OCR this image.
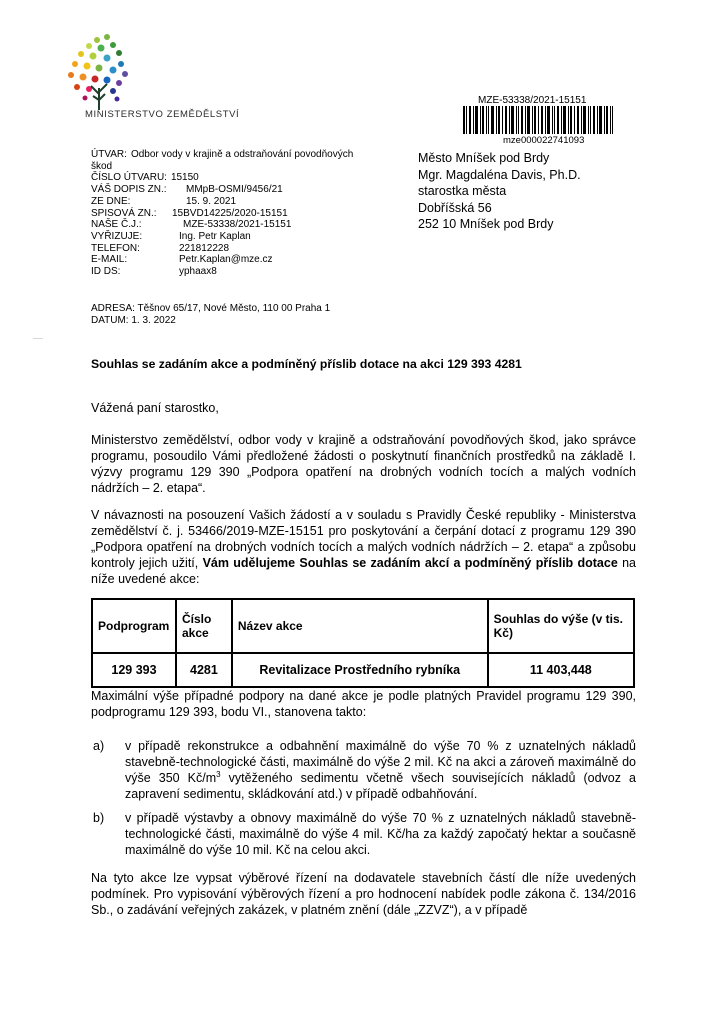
MINISTERSTVO ZEMĚDĚLSTVÍ
MZE-53338/2021-15151
mze000022741093
ÚTVAR: Odbor vody v krajině a odstraňování povodňových
škod
ČÍSLO ÚTVARU: 15150
VÁŠ DOPIS ZN.:	MMpB-OSMI/9456/21
ZE DNE:	15. 9. 2021
SPISOVÁ ZN.:	15BVD14225/2020-15151
NAŠE Č.J.:	MZE-53338/2021-15151
VYŘIZUJE:	Ing. Petr Kaplan
TELEFON:	221812228
E-MAIL:	Petr.Kaplan@mze.cz
ID DS:	yphaax8
Město Mníšek pod Brdy
Mgr. Magdaléna Davis, Ph.D.
starostka města
Dobříšská 56
252 10 Mníšek pod Brdy
ADRESA: Těšnov 65/17, Nové Město, 110 00 Praha 1
DATUM: 1. 3. 2022
-----
Souhlas se zadáním akce a podmíněný příslib dotace na akci 129 393 4281
Vážená paní starostko,
Ministerstvo zemědělství, odbor vody v krajině a odstraňování povodňových škod, jako správce programu, posoudilo Vámi předložené žádosti o poskytnutí finančních prostředků na základě I. výzvy programu 129 390 „Podpora opatření na drobných vodních tocích a malých vodních nádržích – 2. etapa“.
V návaznosti na posouzení Vašich žádostí a v souladu s Pravidly České republiky - Ministerstva zemědělství č. j. 53466/2019-MZE-15151 pro poskytování a čerpání dotací z programu 129 390 „Podpora opatření na drobných vodních tocích a malých vodních nádržích – 2. etapa“ a způsobu kontroly jejich užití, Vám udělujeme Souhlas se zadáním akcí a podmíněný příslib dotace na níže uvedené akce:
Podprogram	Číslo akce	Název akce	Souhlas do výše (v tis. Kč)
129 393	4281	Revitalizace Prostředního rybníka	11 403,448
Maximální výše případné podpory na dané akce je podle platných Pravidel programu 129 390, podprogramu 129 393, bodu VI., stanovena takto:
a)	v případě rekonstrukce a odbahnění maximálně do výše 70 % z uznatelných nákladů stavebně-technologické části, maximálně do výše 2 mil. Kč na akci a zároveň maximálně do výše 350 $Kč/m^3$ vytěženého sedimentu včetně všech souvisejících nákladů (odvoz a zapravení sedimentu, skládkování atd.) v případě odbahňování.
b)	v případě výstavby a obnovy maximálně do výše 70 % z uznatelných nákladů stavebně-technologické části, maximálně do výše 4 mil. Kč/ha za každý započatý hektar a současně maximálně do výše 10 mil. Kč na celou akci.
Na tyto akce lze vypsat výběrové řízení na dodavatele stavebních částí dle níže uvedených podmínek. Pro vypisování výběrových řízení a pro hodnocení nabídek podle zákona č. 134/2016 Sb., o zadávání veřejných zakázek, v platném znění (dále „ZZVZ“), a v případě
